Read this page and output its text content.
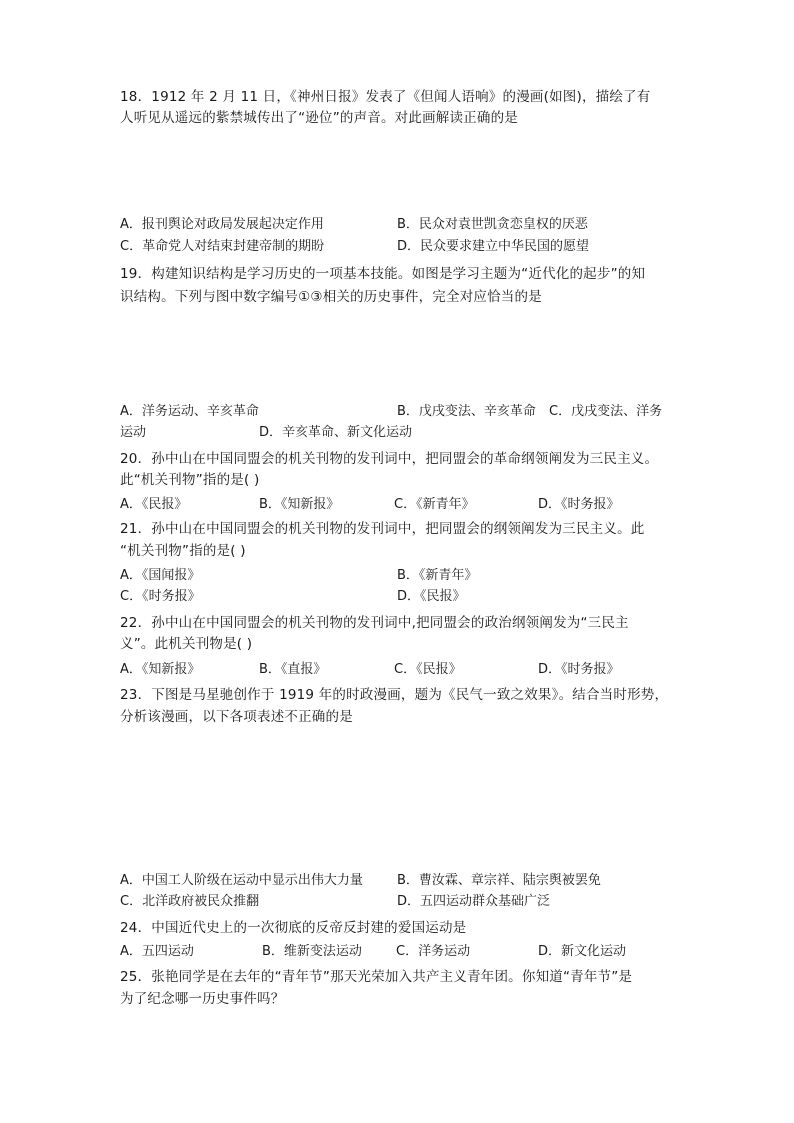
18．1912 年 2 月 11 日，《神州日报》发表了《但闻人语响》的漫画(如图)，描绘了有
人听见从遥远的紫禁城传出了“逊位”的声音。对此画解读正确的是
A．报刊舆论对政局发展起决定作用	B．民众对袁世凯贪恋皇权的厌恶
C．革命党人对结束封建帝制的期盼	D．民众要求建立中华民国的愿望
19．构建知识结构是学习历史的一项基本技能。如图是学习主题为“近代化的起步”的知
识结构。下列与图中数字编号①③相关的历史事件，完全对应恰当的是
A．洋务运动、辛亥革命	B．戊戌变法、辛亥革命 C．戊戌变法、洋务
运动	D．辛亥革命、新文化运动
20．孙中山在中国同盟会的机关刊物的发刊词中，把同盟会的革命纲领阐发为三民主义。
此“机关刊物”指的是( )
A．《民报》	B．《知新报》	C．《新青年》	D．《时务报》
21．孙中山在中国同盟会的机关刊物的发刊词中，把同盟会的纲领阐发为三民主义。此
“机关刊物”指的是( )
A．《国闻报》	B．《新青年》
C．《时务报》	D．《民报》
22．孙中山在中国同盟会的机关刊物的发刊词中,把同盟会的政治纲领阐发为“三民主
义”。此机关刊物是( )
A．《知新报》	B．《直报》	C．《民报》	D．《时务报》
23．下图是马星驰创作于 1919 年的时政漫画，题为《民气一致之效果》。结合当时形势，
分析该漫画，以下各项表述不正确的是
A．中国工人阶级在运动中显示出伟大力量	B．曹汝霖、章宗祥、陆宗舆被罢免
C．北洋政府被民众推翻	D．五四运动群众基础广泛
24．中国近代史上的一次彻底的反帝反封建的爱国运动是
A．五四运动	B．维新变法运动	C．洋务运动	D．新文化运动
25．张艳同学是在去年的“青年节”那天光荣加入共产主义青年团。你知道“青年节”是
为了纪念哪一历史事件吗？
